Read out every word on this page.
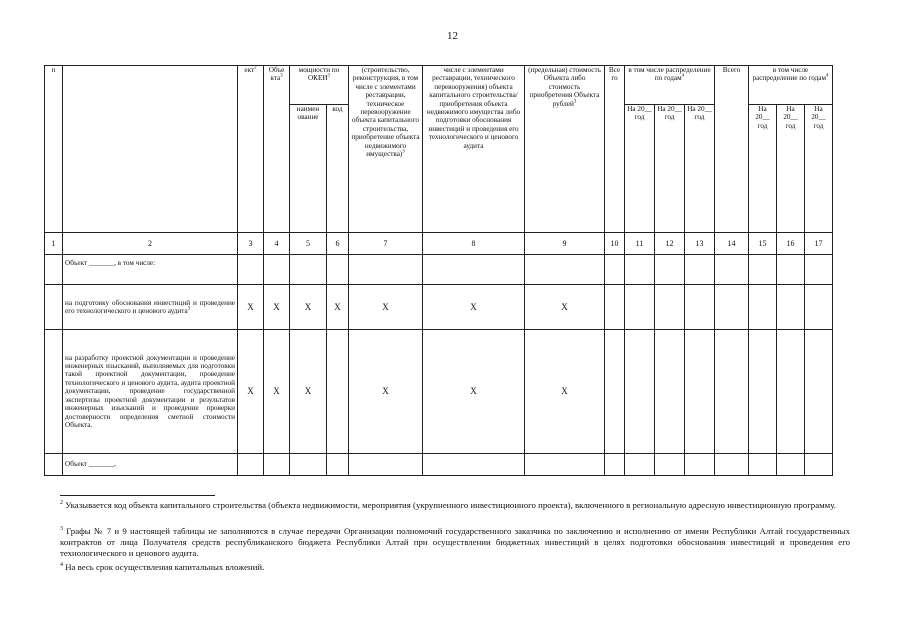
12
п		ект$^2$	Объе кта$^3$	мощности по ОКЕИ$^3$		(строительство, реконструкция, в том числе с элементами реставрации, техническое перевооружение объекта капитального строительства, приобретение объекта недвижимого имущества)$^3$	числе с элементами реставрации, технического перевооружения) объекта капитального строительства/приобретения объекта недвижимого имущества либо подготовки обоснования инвестиций и проведения его технологического и ценового аудита	(предельная) стоимость Объекта либо стоимость приобретения Объекта рублей$^3$	Все го	в том числе распределение по годам$^4$			Всего	в том числе распределение по годам$^4$
				наимен ование	код					На 20__ год	На 20__ год	На 20__ год		На 20__ год	На 20__ год	На 20__ год
1	2	3	4	5	6	7	8	9	10	11	12	13	14	15	16	17
	Объект _______, в том числе:															
	на подготовку обоснования инвестиций и проведение его технологического и ценового аудита$^3$	X	X	X	X	X	X	X								
	на разработку проектной документации и проведение инженерных изысканий, выполняемых для подготовки такой проектной документации, проведение технологического и ценового аудита, аудита проектной документации, проведение государственной экспертизы проектной документации и результатов инженерных изысканий и проведение проверки достоверности определения сметной стоимости Объекта.	X	X	X		X	X	X								
	Объект _______,															
$^2$ Указывается код объекта капитального строительства (объекта недвижимости, мероприятия (укрупненного инвестиционного проекта), включенного в региональную адресную инвестиционную программу.
$^3$ Графы № 7 и 9 настоящей таблицы не заполняются в случае передачи Организации полномочий государственного заказчика по заключению и исполнению от имени Республики Алтай государственных контрактов от лица Получателя средств республиканского бюджета Республики Алтай при осуществлении бюджетных инвестиций в целях подготовки обоснования инвестиций и проведения его технологического и ценового аудита.
$^4$ На весь срок осуществления капитальных вложений.
